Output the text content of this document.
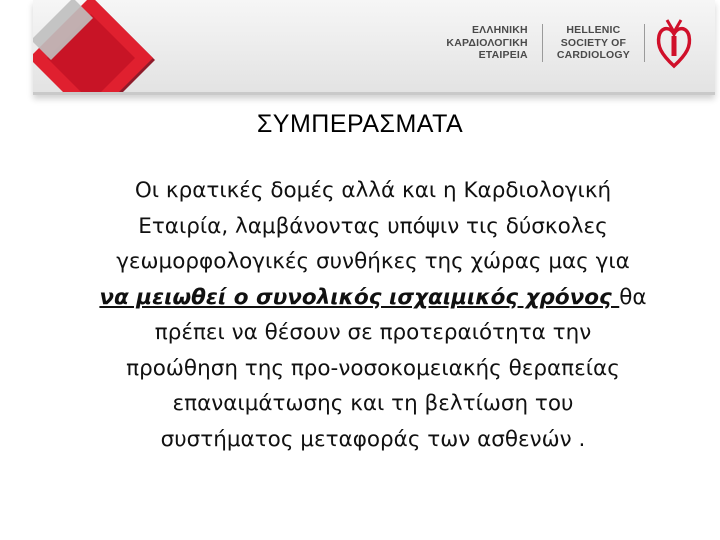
ΕΛΛΗΝΙΚΗ
ΚΑΡΔΙΟΛΟΓΙΚΗ
ΕΤΑΙΡΕΙΑ
HELLENIC
SOCIETY OF
CARDIOLOGY
ΣΥΜΠΕΡΑΣΜΑΤΑ
Οι κρατικές δομές αλλά και η Καρδιολογική
Εταιρία, λαμβάνοντας υπόψιν τις δύσκολες
γεωμορφολογικές συνθήκες της χώρας μας για
να μειωθεί ο συνολικός ισχαιμικός χρόνος θα
πρέπει να θέσουν σε προτεραιότητα την
προώθηση της προ-νοσοκομειακής θεραπείας
επαναιμάτωσης και τη βελτίωση του
συστήματος μεταφοράς των ασθενών .
